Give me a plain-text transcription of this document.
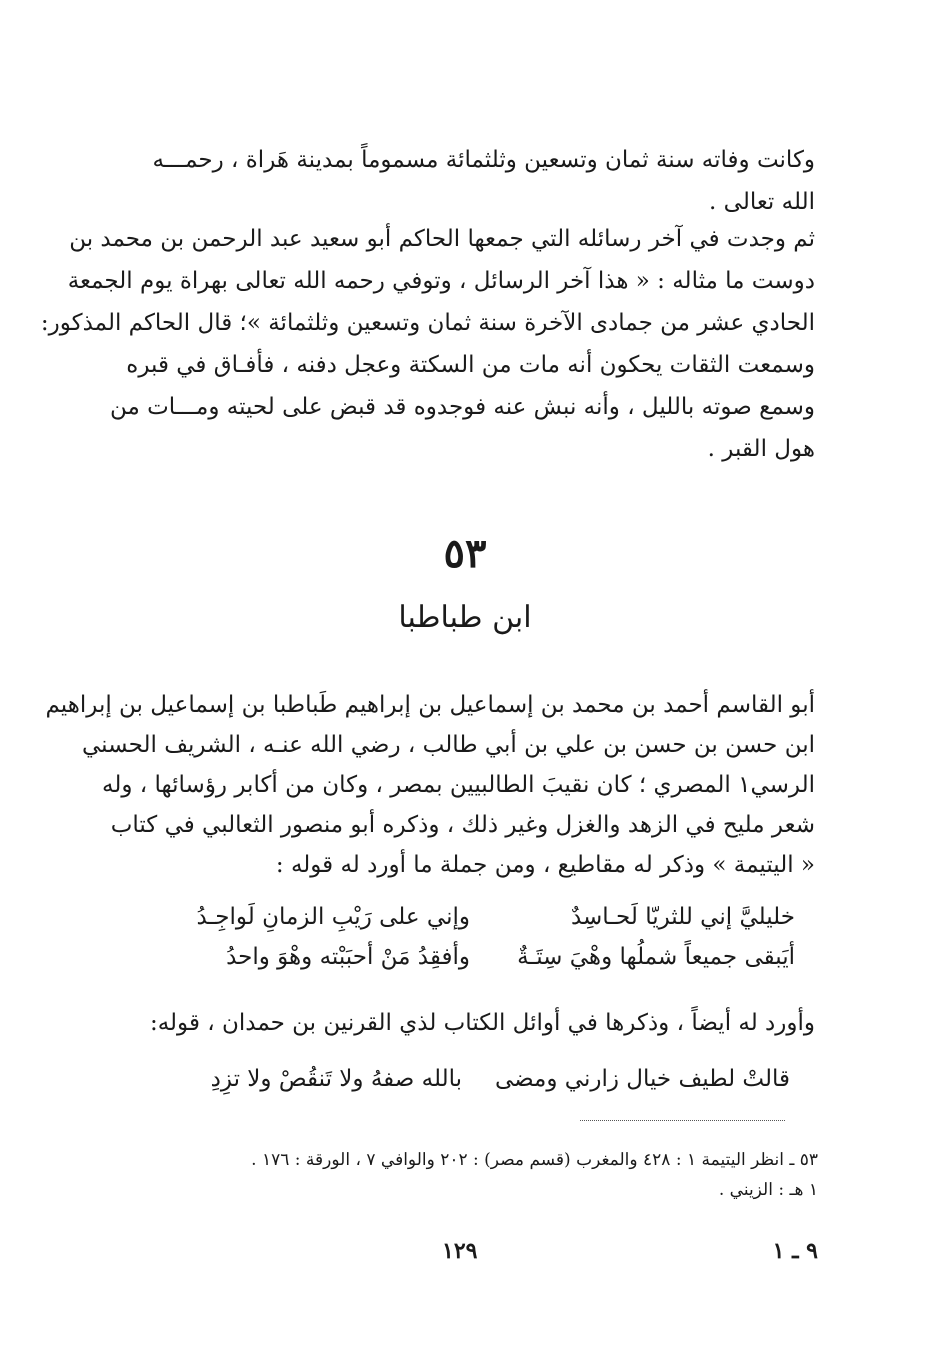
وكانت وفاته سنة ثمان وتسعين وثلثمائة مسموماً بمدينة هَراة ، رحمـــه
الله تعالى .
ثم وجدت في آخر رسائله التي جمعها الحاكم أبو سعيد عبد الرحمن بن محمد بن
دوست ما مثاله : « هذا آخر الرسائل ، وتوفي رحمه الله تعالى بهراة يوم الجمعة
الحادي عشر من جمادى الآخرة سنة ثمان وتسعين وثلثمائة »؛ قال الحاكم المذكور:
وسمعت الثقات يحكون أنه مات من السكتة وعجل دفنه ، فأفـاق في قبره
وسمع صوته بالليل ، وأنه نبش عنه فوجدوه قد قبض على لحيته ومـــات من
هول القبر .
٥٣
ابن طباطبا
أبو القاسم أحمد بن محمد بن إسماعيل بن إبراهيم طَباطبا بن إسماعيل بن إبراهيم
ابن حسن بن حسن بن علي بن أبي طالب ، رضي الله عنـه ، الشريف الحسني
الرسي١ المصري ؛ كان نقيبَ الطالبيين بمصر ، وكان من أكابر رؤسائها ، وله
شعر مليح في الزهد والغزل وغير ذلك ، وذكره أبو منصور الثعالبي في كتاب
« اليتيمة » وذكر له مقاطيع ، ومن جملة ما أورد له قوله :
خليليَّ إني للثريّا لَحـاسِدٌ
وإني على رَيْبِ الزمانِ لَواجِـدُ
أيَبقى جميعاً شملُها وهْيَ سِتَـةٌ
وأفقِدُ مَنْ أحبَبْته وهْوَ واحدُ
وأورد له أيضاً ، وذكرها في أوائل الكتاب لذي القرنين بن حمدان ، قوله:
قالتْ لطيف خيال زارني ومضى
بالله صفهُ ولا تَنقُصْ ولا تزِدِ
٥٣ ـ انظر اليتيمة ١ : ٤٢٨ والمغرب (قسم مصر) : ٢٠٢ والوافي ٧ ، الورقة : ١٧٦ .
١ هـ : الزيني .
١٢٩	٩ ـ ١
